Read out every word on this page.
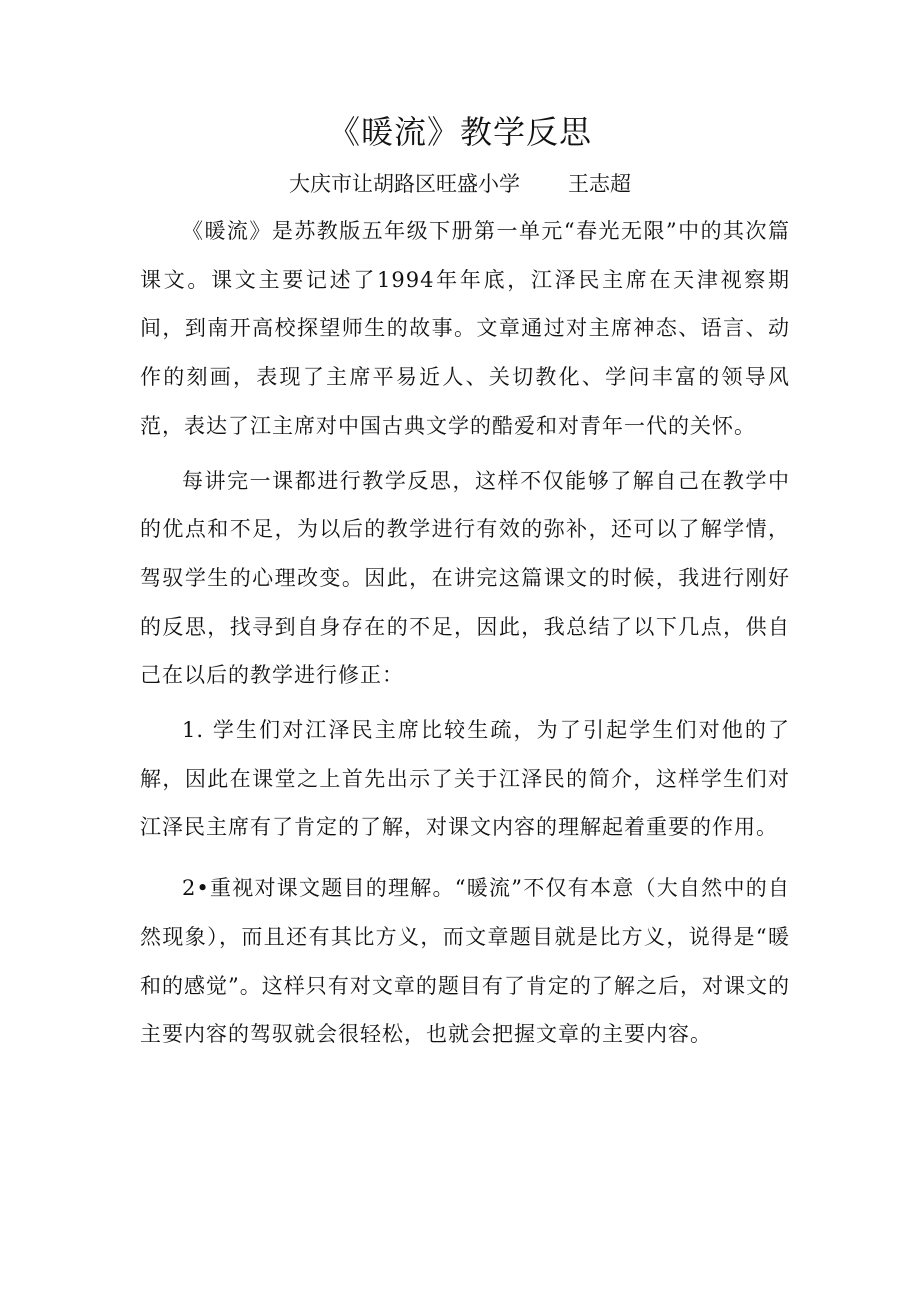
《暖流》教学反思
大庆市让胡路区旺盛小学 王志超

《暖流》是苏教版五年级下册第一单元“春光无限”中的其次篇课文。课文主要记述了1994年年底，江泽民主席在天津视察期间，到南开高校探望师生的故事。文章通过对主席神态、语言、动作的刻画，表现了主席平易近人、关切教化、学问丰富的领导风范，表达了江主席对中国古典文学的酷爱和对青年一代的关怀。

每讲完一课都进行教学反思，这样不仅能够了解自己在教学中的优点和不足，为以后的教学进行有效的弥补，还可以了解学情，驾驭学生的心理改变。因此，在讲完这篇课文的时候，我进行刚好的反思，找寻到自身存在的不足，因此，我总结了以下几点，供自己在以后的教学进行修正：

1. 学生们对江泽民主席比较生疏，为了引起学生们对他的了解，因此在课堂之上首先出示了关于江泽民的简介，这样学生们对江泽民主席有了肯定的了解，对课文内容的理解起着重要的作用。

2•重视对课文题目的理解。“暖流”不仅有本意（大自然中的自然现象），而且还有其比方义，而文章题目就是比方义，说得是“暖和的感觉”。这样只有对文章的题目有了肯定的了解之后，对课文的主要内容的驾驭就会很轻松，也就会把握文章的主要内容。
